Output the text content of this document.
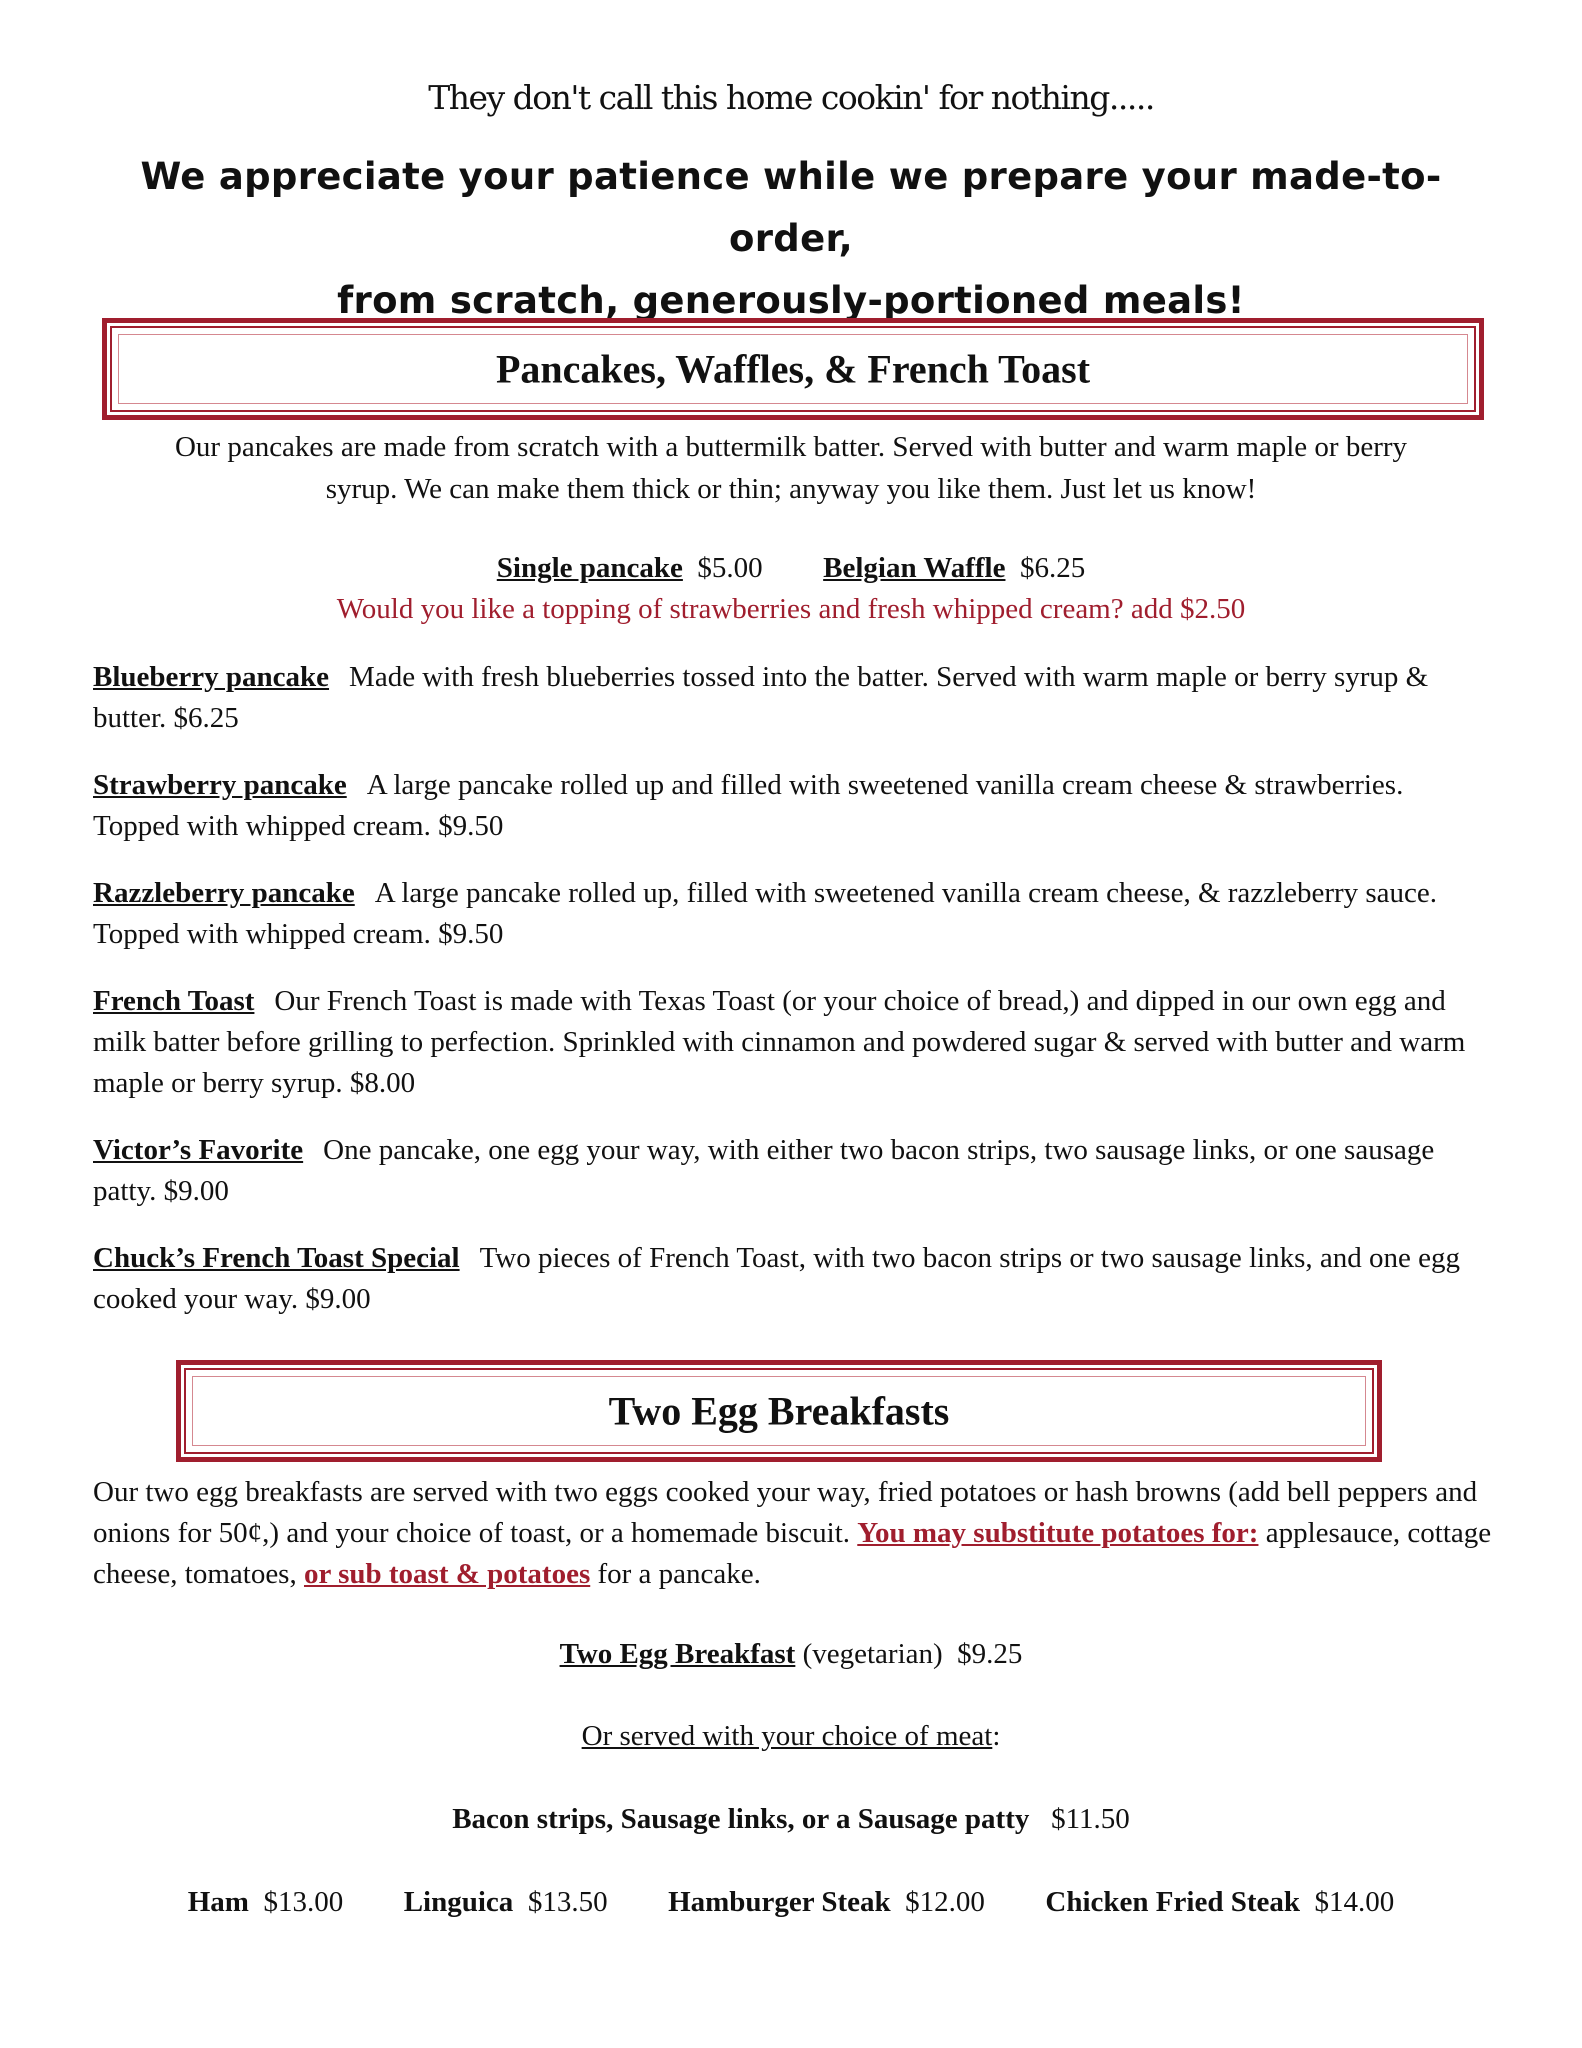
They don't call this home cookin' for nothing.....
We appreciate your patience while we prepare your made-to-order,
from scratch, generously-portioned meals!
Pancakes, Waffles, & French Toast
Our pancakes are made from scratch with a buttermilk batter. Served with butter and warm maple or berry
syrup. We can make them thick or thin; anyway you like them. Just let us know!
Single pancake $5.00 Belgian Waffle $6.25
Would you like a topping of strawberries and fresh whipped cream? add $2.50
Blueberry pancake Made with fresh blueberries tossed into the batter. Served with warm maple or berry syrup & butter. $6.25
Strawberry pancake A large pancake rolled up and filled with sweetened vanilla cream cheese & strawberries. Topped with whipped cream. $9.50
Razzleberry pancake A large pancake rolled up, filled with sweetened vanilla cream cheese, & razzleberry sauce. Topped with whipped cream. $9.50
French Toast Our French Toast is made with Texas Toast (or your choice of bread,) and dipped in our own egg and milk batter before grilling to perfection. Sprinkled with cinnamon and powdered sugar & served with butter and warm maple or berry syrup. $8.00
Victor’s Favorite One pancake, one egg your way, with either two bacon strips, two sausage links, or one sausage patty. $9.00
Chuck’s French Toast Special Two pieces of French Toast, with two bacon strips or two sausage links, and one egg cooked your way. $9.00
Two Egg Breakfasts
Our two egg breakfasts are served with two eggs cooked your way, fried potatoes or hash browns (add bell peppers and onions for 50¢,) and your choice of toast, or a homemade biscuit. You may substitute potatoes for: applesauce, cottage cheese, tomatoes, or sub toast & potatoes for a pancake.
Two Egg Breakfast (vegetarian) $9.25
Or served with your choice of meat:
Bacon strips, Sausage links, or a Sausage patty $11.50
Ham $13.00 Linguica $13.50 Hamburger Steak $12.00 Chicken Fried Steak $14.00
